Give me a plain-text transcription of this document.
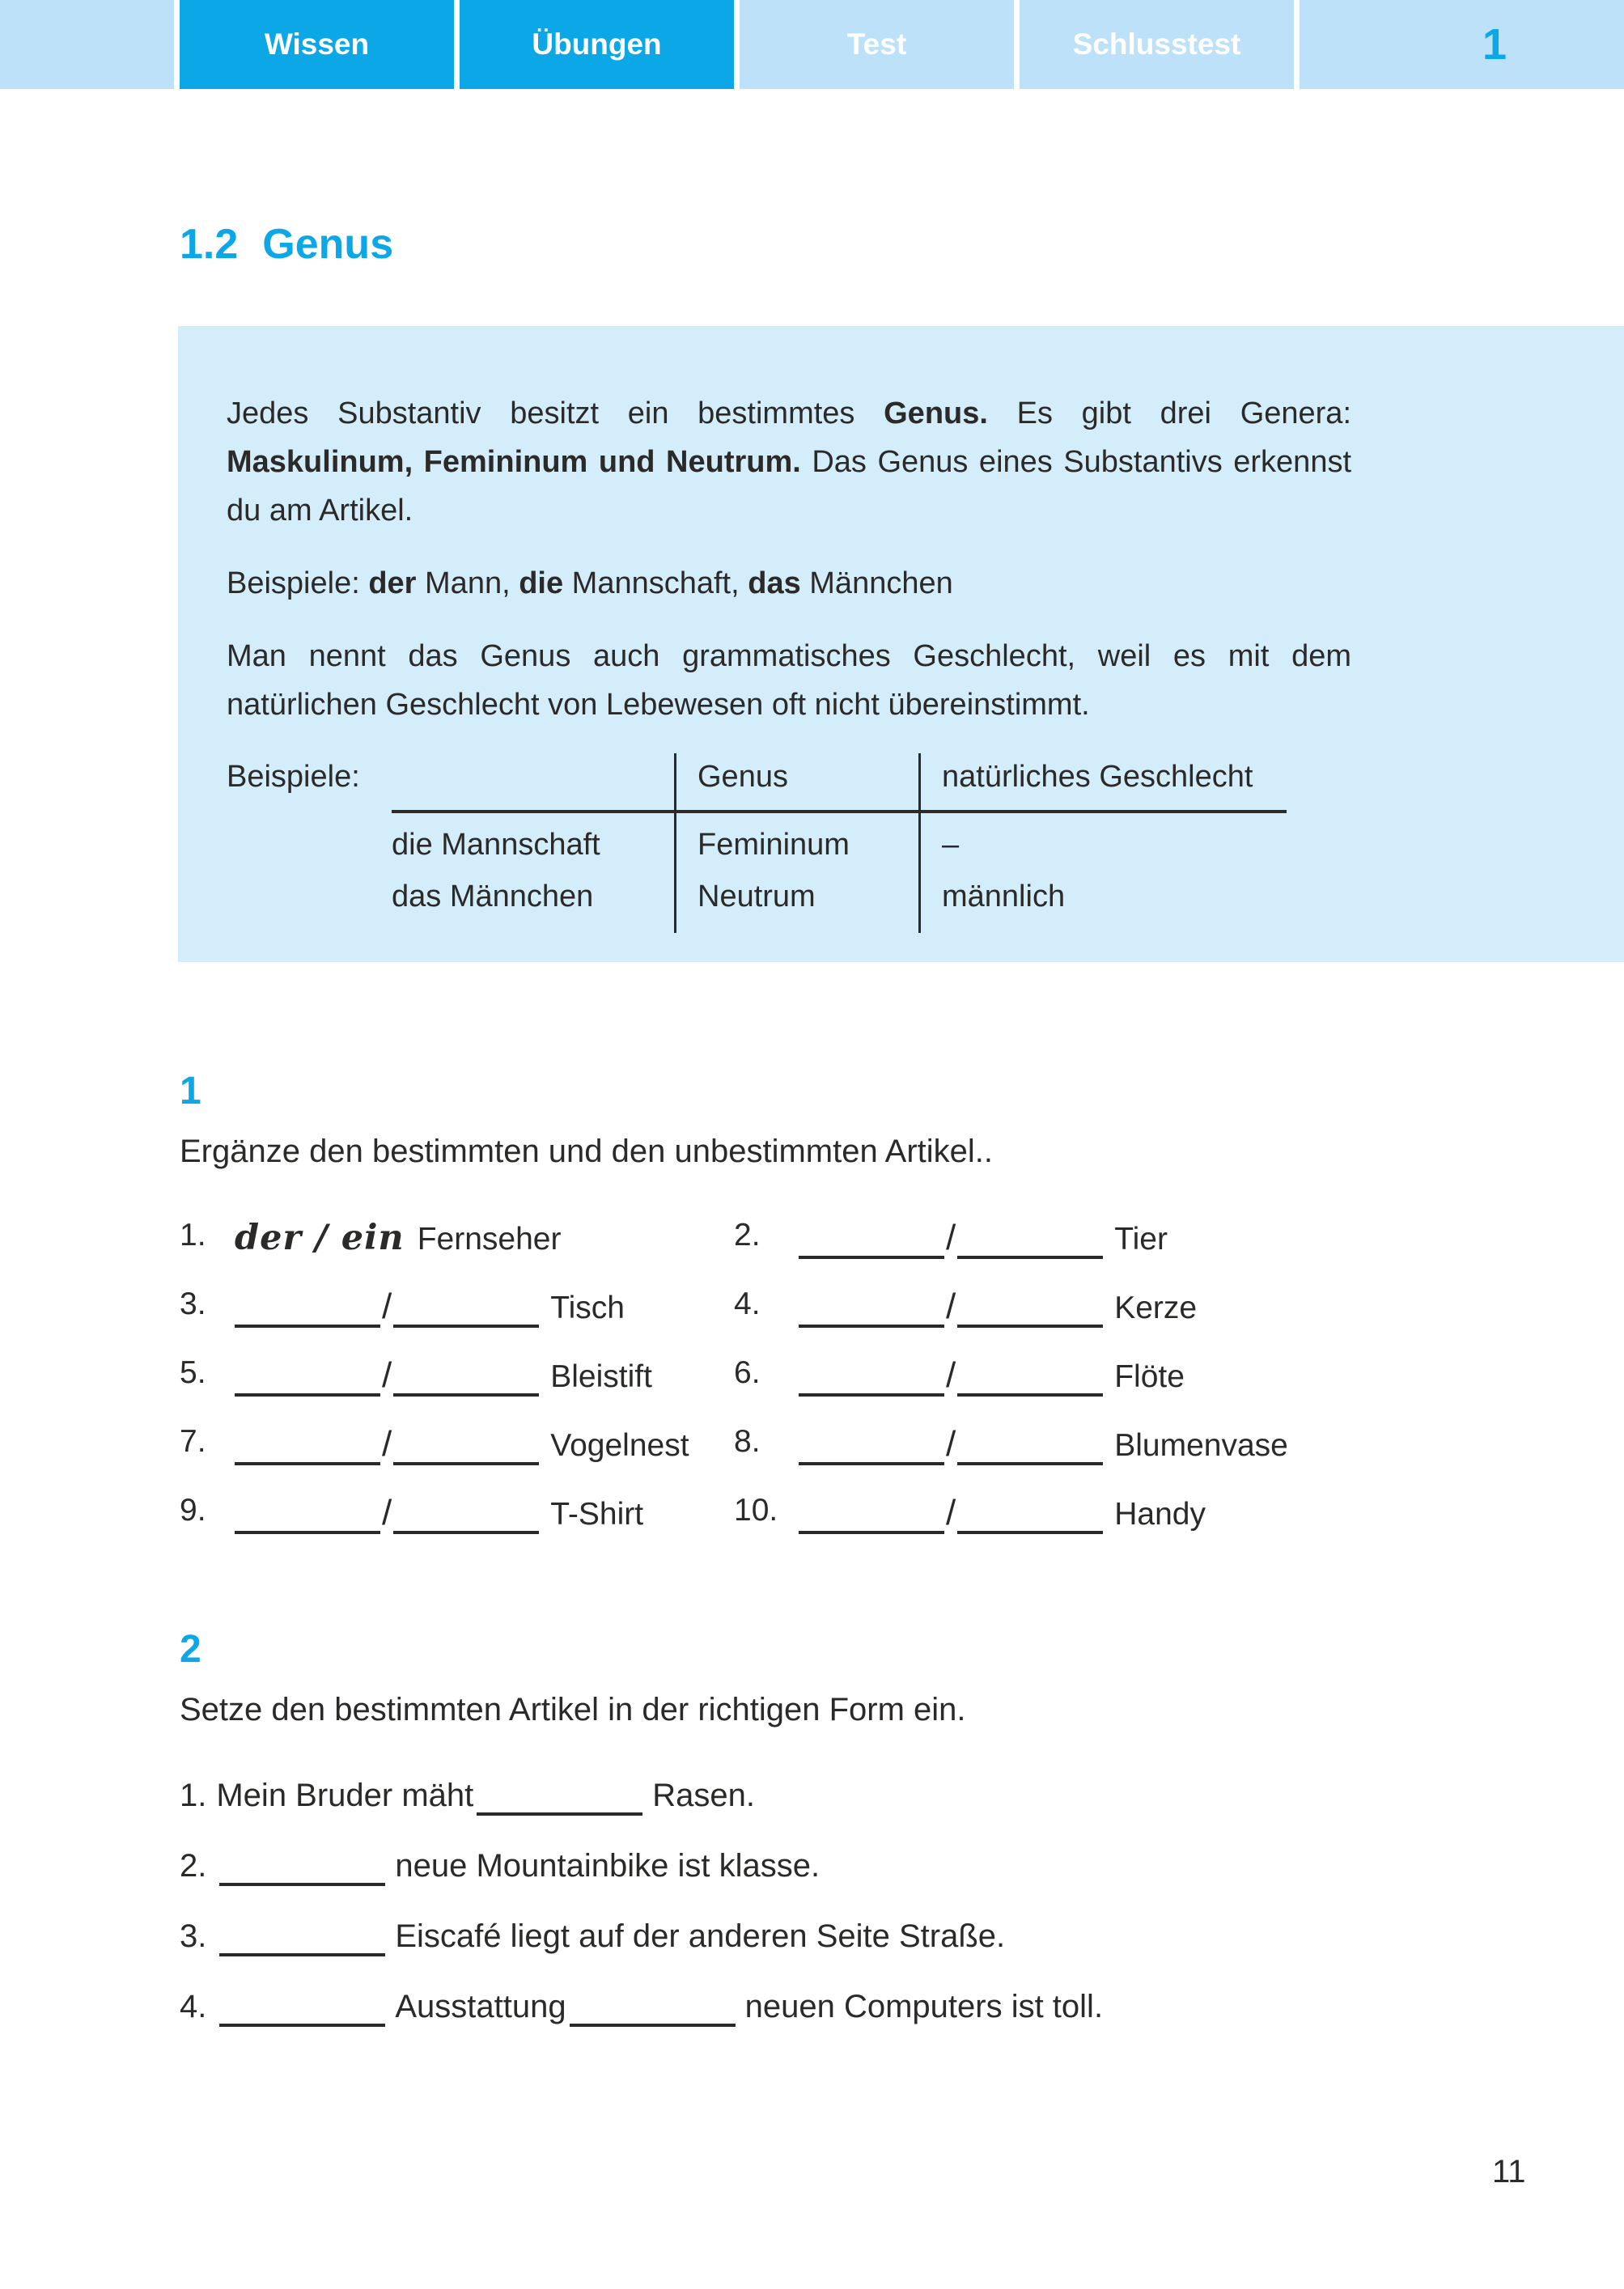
Wissen	Übungen	Test	Schlusstest	1
1.2 Genus

Jedes Substantiv besitzt ein bestimmtes Genus. Es gibt drei Genera: Maskulinum, Femininum und Neutrum. Das Genus eines Substantivs erkennst du am Artikel.

Beispiele: der Mann, die Mannschaft, das Männchen

Man nennt das Genus auch grammatisches Geschlecht, weil es mit dem natürlichen Geschlecht von Lebewesen oft nicht übereinstimmt.

Beispiele:	Genus	natürliches Geschlecht
die Mannschaft	Femininum	–
das Männchen	Neutrum	männlich
1
Ergänze den bestimmten und den unbestimmten Artikel..
1. der / ein Fernseher	2.	/	Tier
3.	/	Tisch	4.	/	Kerze
5.	/	Bleistift	6.	/	Flöte
7.	/	Vogelnest	8.	/	Blumenvase
9.	/	T-Shirt	10.	/	Handy
2
Setze den bestimmten Artikel in der richtigen Form ein.
1. Mein Bruder mäht	Rasen.
2.	neue Mountainbike ist klasse.
3.	Eiscafé liegt auf der anderen Seite Straße.
4.	Ausstattung	neuen Computers ist toll.
11
